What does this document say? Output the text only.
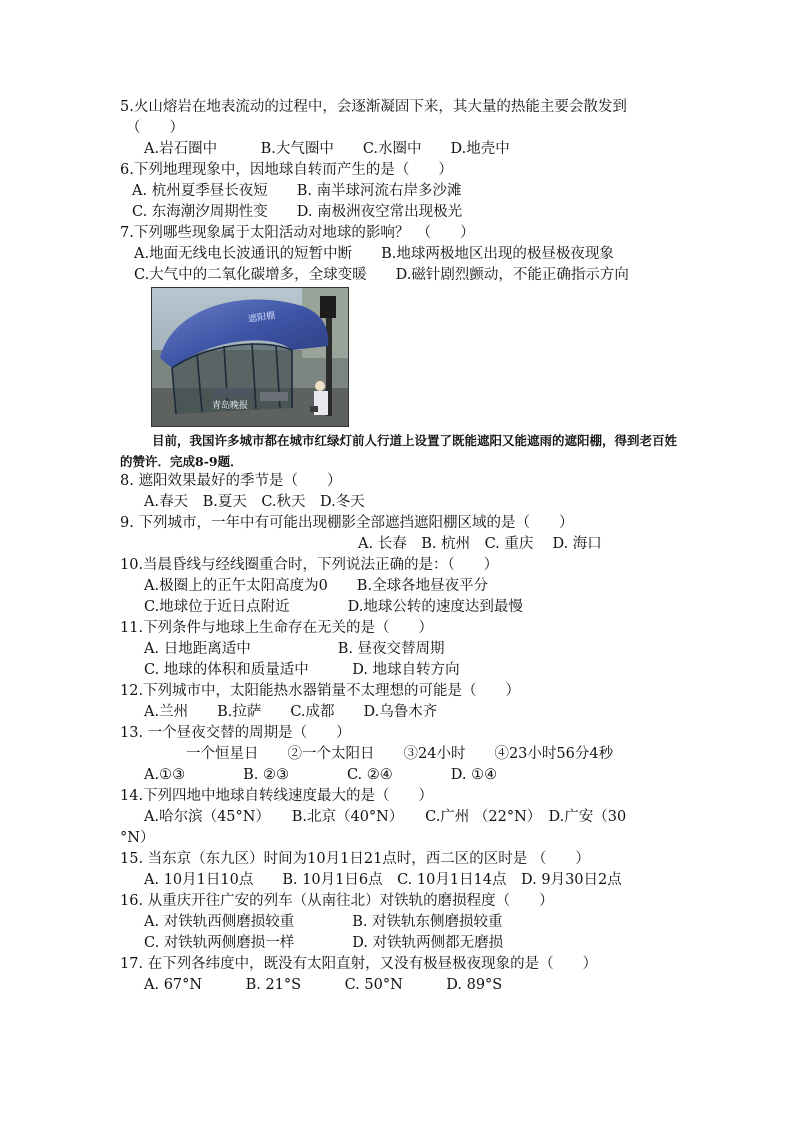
5.火山熔岩在地表流动的过程中，会逐渐凝固下来，其大量的热能主要会散发到
（　　）
A.岩石圈中　　　B.大气圈中　　C.水圈中　　D.地壳中
6.下列地理现象中，因地球自转而产生的是（　　）
A. 杭州夏季昼长夜短　　B. 南半球河流右岸多沙滩
C. 东海潮汐周期性变　　D. 南极洲夜空常出现极光
7.下列哪些现象属于太阳活动对地球的影响？　（　　）
A.地面无线电长波通讯的短暂中断　　B.地球两极地区出现的极昼极夜现象
C.大气中的二氧化碳增多，全球变暖　　D.磁针剧烈颤动，不能正确指示方向
遮阳棚
青岛晚报
目前，我国许多城市都在城市红绿灯前人行道上设置了既能遮阳又能遮雨的遮阳棚，得到老百姓的赞许．完成8-9题．
8. 遮阳效果最好的季节是（　　）
A.春天　B.夏天　C.秋天　D.冬天
9. 下列城市，一年中有可能出现棚影全部遮挡遮阳棚区域的是（　　）
A. 长春　B. 杭州　C. 重庆　 D. 海口
10.当晨昏线与经线圈重合时，下列说法正确的是：（　　）
A.极圈上的正午太阳高度为0　　B.全球各地昼夜平分
C.地球位于近日点附近　　　　D.地球公转的速度达到最慢
11.下列条件与地球上生命存在无关的是（　　）
A. 日地距离适中　　　　　　B. 昼夜交替周期
C. 地球的体积和质量适中　　　D. 地球自转方向
12.下列城市中，太阳能热水器销量不太理想的可能是（　　）
A.兰州　　B.拉萨　　C.成都　　D.乌鲁木齐
13. 一个昼夜交替的周期是（　　）
一个恒星日　　②一个太阳日　　③24小时　　④23小时56分4秒
A.①③　　　　B. ②③　　　　C. ②④　　　　D. ①④
14.下列四地中地球自转线速度最大的是（　　）
A.哈尔滨（45°N）　　B.北京（40°N）　　C.广州 （22°N）　D.广安（30
°N）
15. 当东京（东九区）时间为10月1日21点时，西二区的区时是 （　　）
A. 10月1日10点　　B. 10月1日6点　C. 10月1日14点　D. 9月30日2点
16. 从重庆开往广安的列车（从南往北）对铁轨的磨损程度（　　）
A. 对铁轨西侧磨损较重　　　　B. 对铁轨东侧磨损较重
C. 对铁轨两侧磨损一样　　　　D. 对铁轨两侧都无磨损
17. 在下列各纬度中，既没有太阳直射，又没有极昼极夜现象的是（　　）
A. 67°N　　　B. 21°S　　　C. 50°N　　　D. 89°S
